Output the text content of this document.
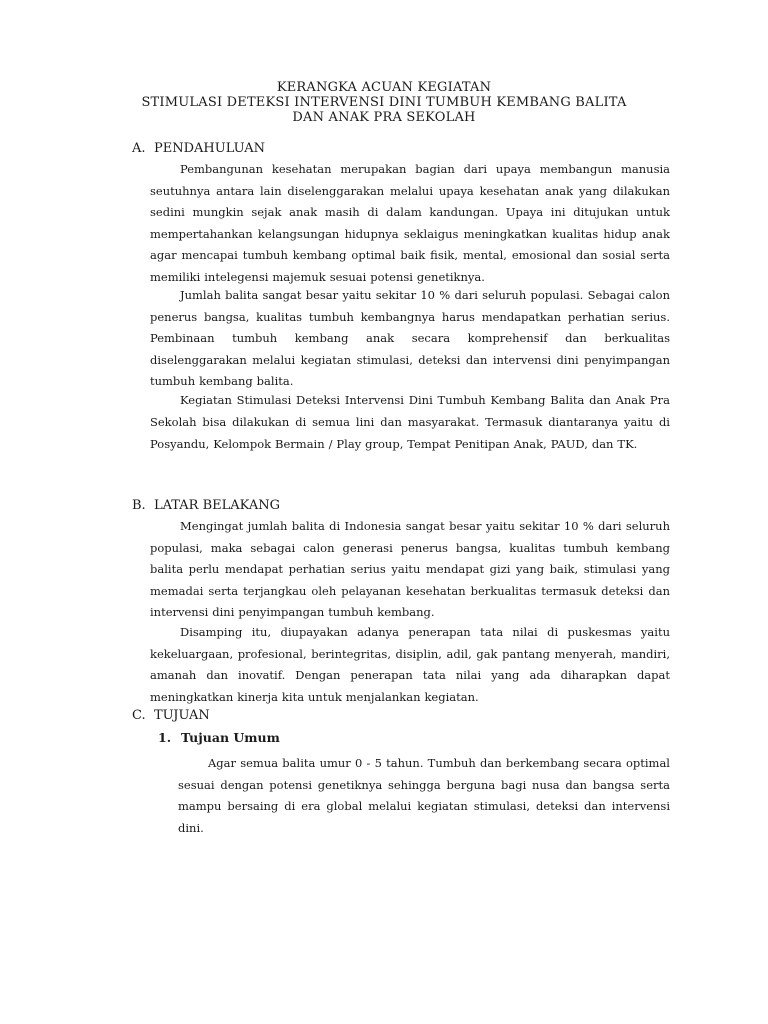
KERANGKA ACUAN KEGIATAN
STIMULASI DETEKSI INTERVENSI DINI TUMBUH KEMBANG BALITA
DAN ANAK PRA SEKOLAH
A. PENDAHULUAN

Pembangunan kesehatan merupakan bagian dari upaya membangun manusia seutuhnya antara lain diselenggarakan melalui upaya kesehatan anak yang dilakukan sedini mungkin sejak anak masih di dalam kandungan. Upaya ini ditujukan untuk mempertahankan kelangsungan hidupnya seklaigus meningkatkan kualitas hidup anak agar mencapai tumbuh kembang optimal baik fisik, mental, emosional dan sosial serta memiliki intelegensi majemuk sesuai potensi genetiknya.

Jumlah balita sangat besar yaitu sekitar 10 % dari seluruh populasi. Sebagai calon penerus bangsa, kualitas tumbuh kembangnya harus mendapatkan perhatian serius. Pembinaan tumbuh kembang anak secara komprehensif dan berkualitas diselenggarakan melalui kegiatan stimulasi, deteksi dan intervensi dini penyimpangan tumbuh kembang balita.

Kegiatan Stimulasi Deteksi Intervensi Dini Tumbuh Kembang Balita dan Anak Pra Sekolah bisa dilakukan di semua lini dan masyarakat. Termasuk diantaranya yaitu di Posyandu, Kelompok Bermain / Play group, Tempat Penitipan Anak, PAUD, dan TK.

B. LATAR BELAKANG

Mengingat jumlah balita di Indonesia sangat besar yaitu sekitar 10 % dari seluruh populasi, maka sebagai calon generasi penerus bangsa, kualitas tumbuh kembang balita perlu mendapat perhatian serius yaitu mendapat gizi yang baik, stimulasi yang memadai serta terjangkau oleh pelayanan kesehatan berkualitas termasuk deteksi dan intervensi dini penyimpangan tumbuh kembang.

Disamping itu, diupayakan adanya penerapan tata nilai di puskesmas yaitu kekeluargaan, profesional, berintegritas, disiplin, adil, gak pantang menyerah, mandiri, amanah dan inovatif. Dengan penerapan tata nilai yang ada diharapkan dapat meningkatkan kinerja kita untuk menjalankan kegiatan.

C. TUJUAN
1. Tujuan Umum

Agar semua balita umur 0 - 5 tahun. Tumbuh dan berkembang secara optimal sesuai dengan potensi genetiknya sehingga berguna bagi nusa dan bangsa serta mampu bersaing di era global melalui kegiatan stimulasi, deteksi dan intervensi dini.
